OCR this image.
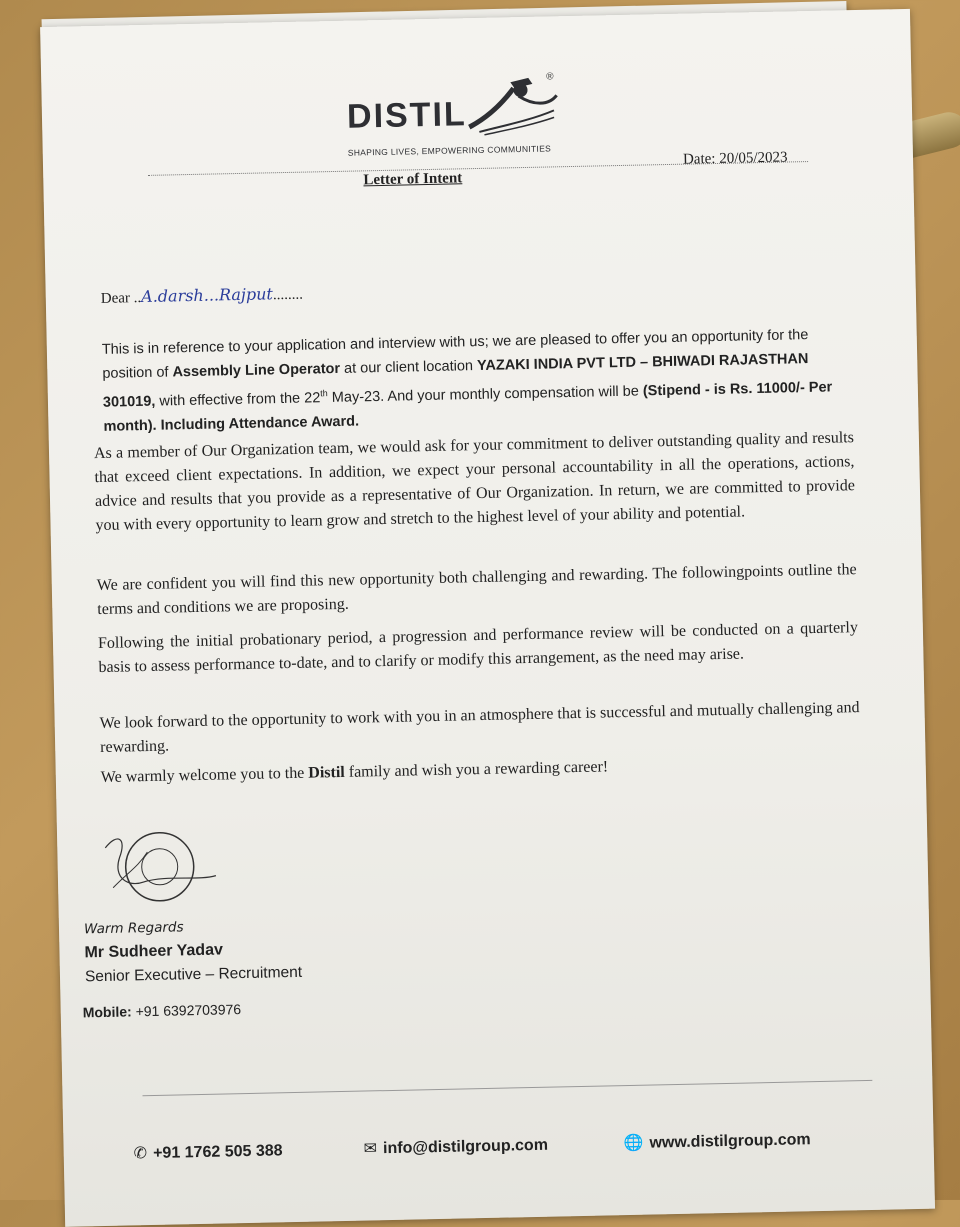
DISTIL
®
SHAPING LIVES, EMPOWERING COMMUNITIES
Letter of Intent
Date: 20/05/2023
Dear ..A.darsh...Rajput........
This is in reference to your application and interview with us; we are pleased to offer you an opportunity for the position of Assembly Line Operator at our client location YAZAKI INDIA PVT LTD – BHIWADI RAJASTHAN 301019, with effective from the 22th May-23. And your monthly compensation will be (Stipend - is Rs. 11000/- Per month). Including Attendance Award.
As a member of Our Organization team, we would ask for your commitment to deliver outstanding quality and results that exceed client expectations. In addition, we expect your personal accountability in all the operations, actions, advice and results that you provide as a representative of Our Organization. In return, we are committed to provide you with every opportunity to learn grow and stretch to the highest level of your ability and potential.
We are confident you will find this new opportunity both challenging and rewarding. The followingpoints outline the terms and conditions we are proposing.
Following the initial probationary period, a progression and performance review will be conducted on a quarterly basis to assess performance to-date, and to clarify or modify this arrangement, as the need may arise.
We look forward to the opportunity to work with you in an atmosphere that is successful and mutually challenging and rewarding.
We warmly welcome you to the Distil family and wish you a rewarding career!
Warm Regards
Mr Sudheer Yadav
Senior Executive – Recruitment
Mobile: +91 6392703976
✆ +91 1762 505 388	✉ info@distilgroup.com	🌐 www.distilgroup.com
